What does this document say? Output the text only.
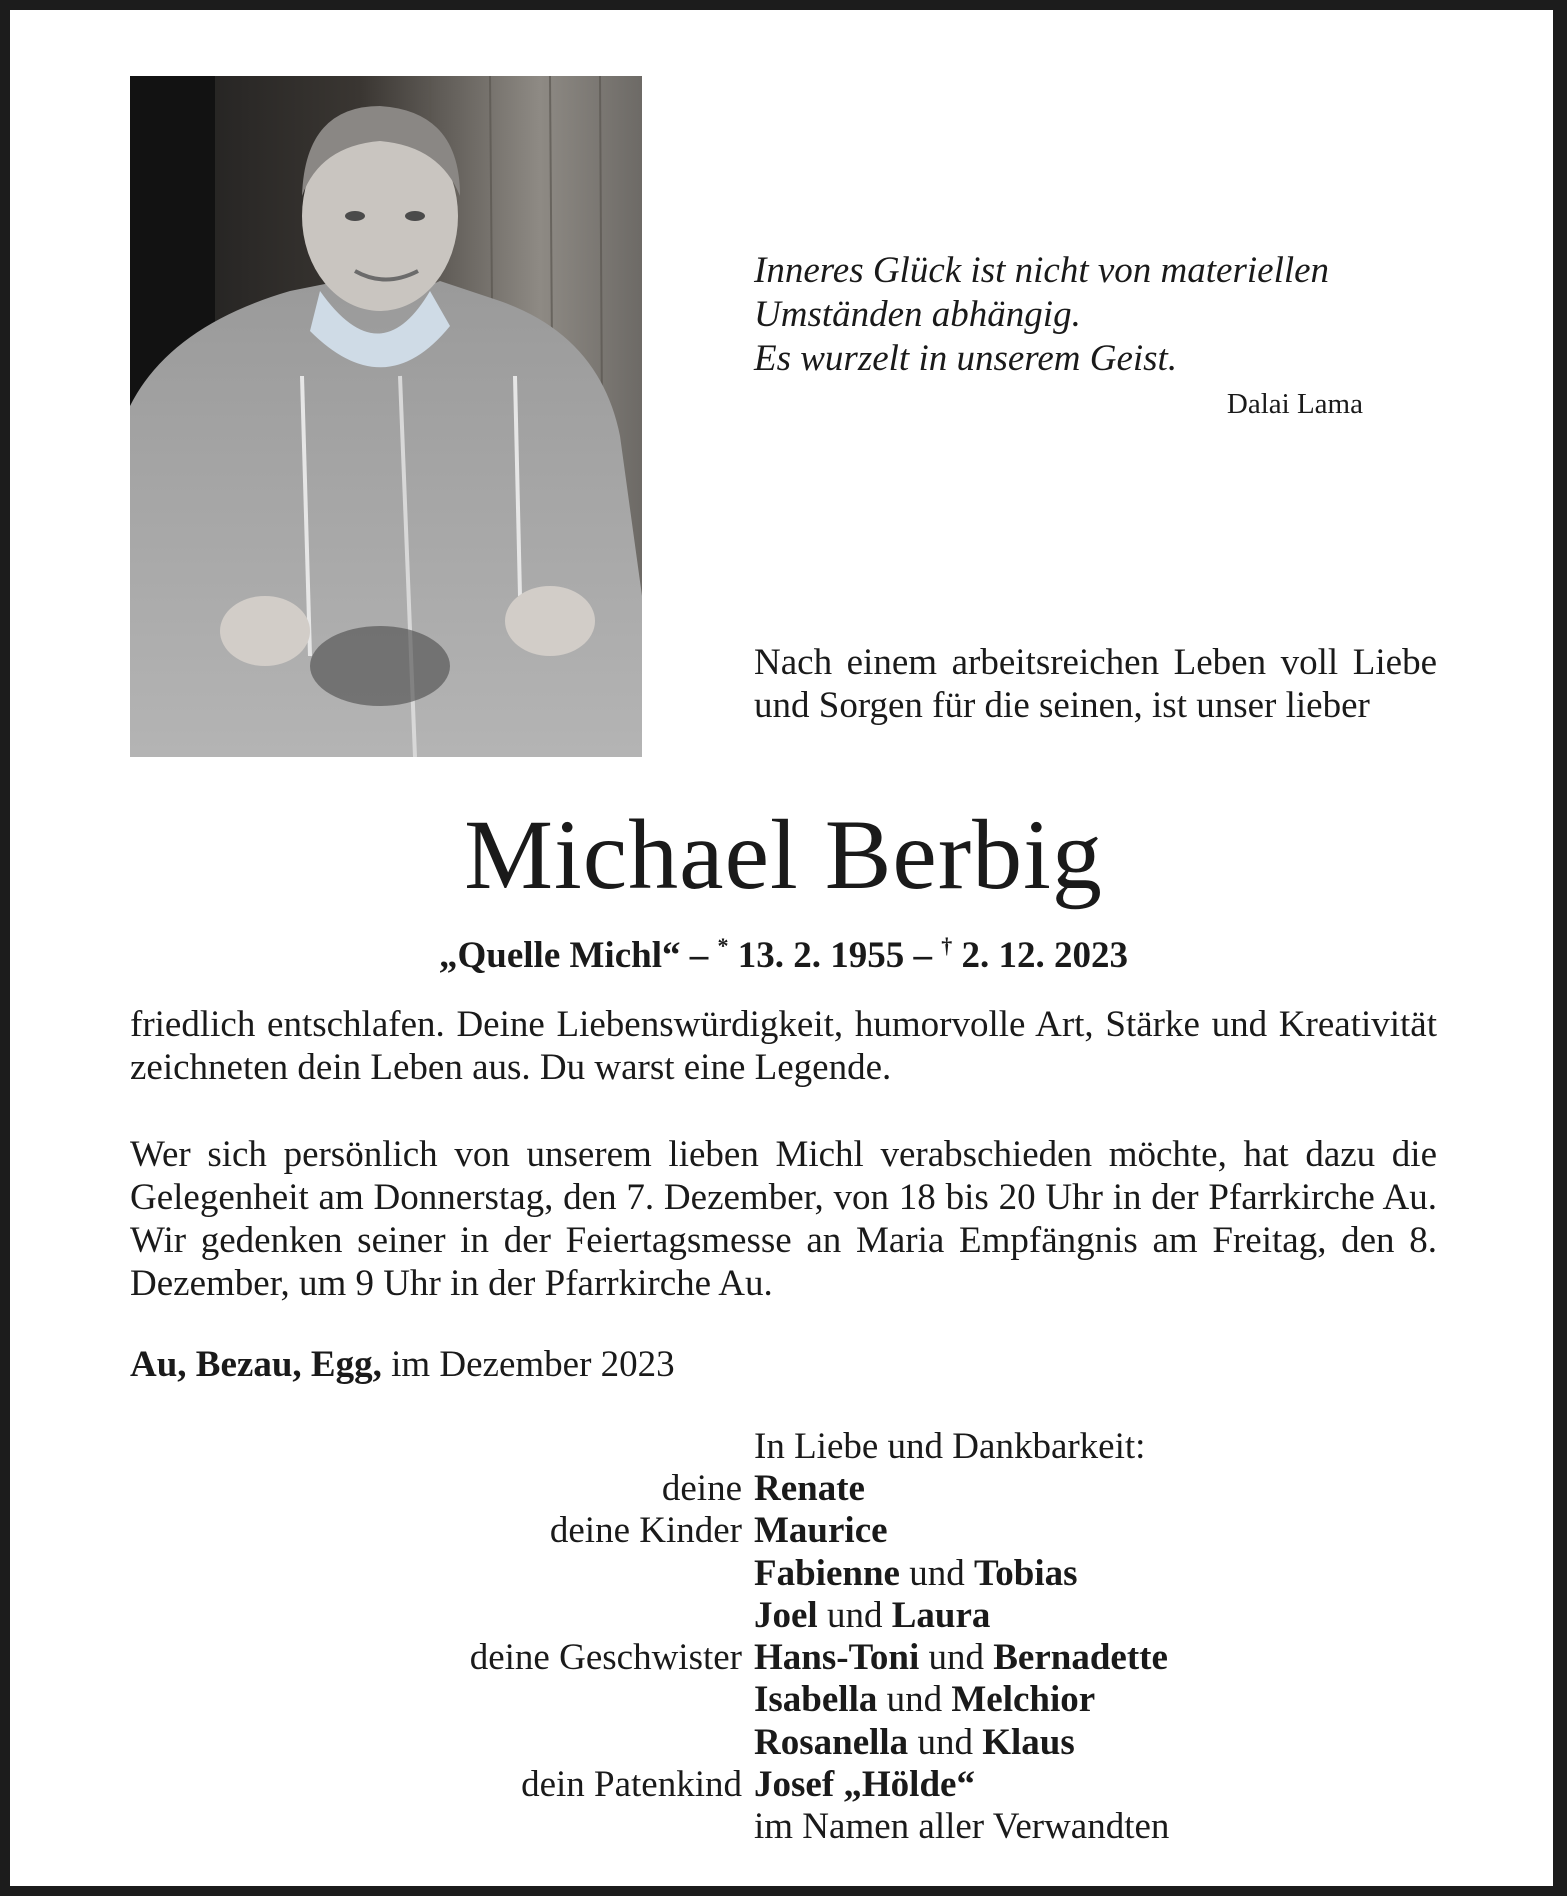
Inneres Glück ist nicht von materiellen
Umständen abhängig.
Es wurzelt in unserem Geist.
Dalai Lama
Nach einem arbeitsreichen Leben voll Liebe und Sorgen für die seinen, ist unser lieber
Michael Berbig
„Quelle Michl“ – * 13. 2. 1955 – † 2. 12. 2023
friedlich entschlafen. Deine Liebenswürdigkeit, humorvolle Art, Stärke und Kreativität zeichneten dein Leben aus. Du warst eine Legende.
Wer sich persönlich von unserem lieben Michl verabschieden möchte, hat dazu die Gelegenheit am Donnerstag, den 7. Dezember, von 18 bis 20 Uhr in der Pfarrkirche Au. Wir gedenken seiner in der Feiertagsmesse an Maria Empfängnis am Freitag, den 8. Dezember, um 9 Uhr in der Pfarrkirche Au.
Au, Bezau, Egg, im Dezember 2023
In Liebe und Dankbarkeit:
deine Renate
deine Kinder Maurice
Fabienne und Tobias
Joel und Laura
deine Geschwister Hans-Toni und Bernadette
Isabella und Melchior
Rosanella und Klaus
dein Patenkind Josef „Hölde“
im Namen aller Verwandten
